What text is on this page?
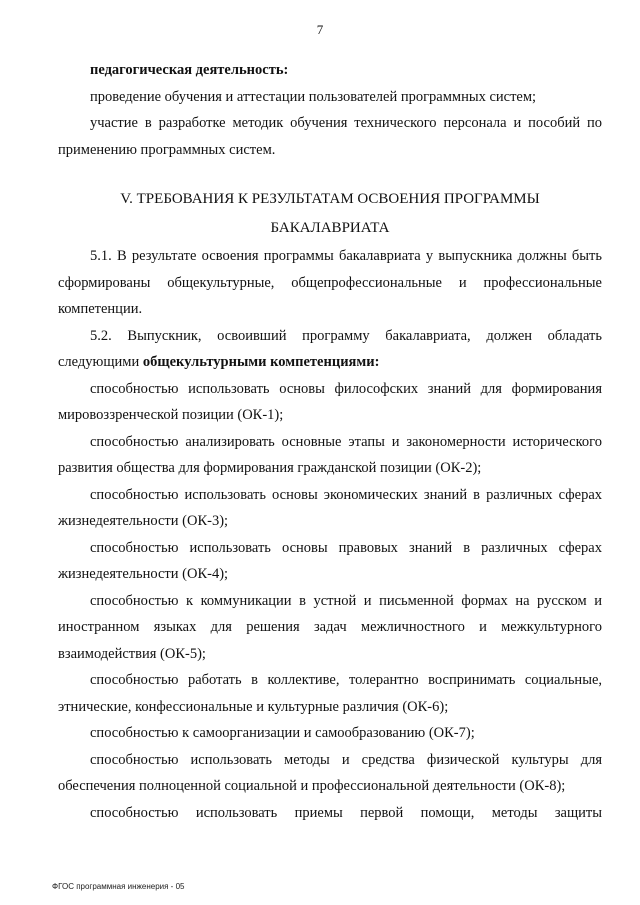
7

педагогическая деятельность:

проведение обучения и аттестации пользователей программных систем;

участие в разработке методик обучения технического персонала и пособий по применению программных систем.

V. ТРЕБОВАНИЯ К РЕЗУЛЬТАТАМ ОСВОЕНИЯ ПРОГРАММЫ
БАКАЛАВРИАТА

5.1. В результате освоения программы бакалавриата у выпускника должны быть сформированы общекультурные, общепрофессиональные и профессиональные компетенции.

5.2. Выпускник, освоивший программу бакалавриата, должен обладать следующими общекультурными компетенциями:

способностью использовать основы философских знаний для формирования мировоззренческой позиции (ОК-1);

способностью анализировать основные этапы и закономерности исторического развития общества для формирования гражданской позиции (ОК-2);

способностью использовать основы экономических знаний в различных сферах жизнедеятельности (ОК-3);

способностью использовать основы правовых знаний в различных сферах жизнедеятельности (ОК-4);

способностью к коммуникации в устной и письменной формах на русском и иностранном языках для решения задач межличностного и межкультурного взаимодействия (ОК-5);

способностью работать в коллективе, толерантно воспринимать социальные, этнические, конфессиональные и культурные различия (ОК-6);

способностью к самоорганизации и самообразованию (ОК-7);

способностью использовать методы и средства физической культуры для обеспечения полноценной социальной и профессиональной деятельности (ОК-8);

способностью использовать приемы первой помощи, методы защиты

ФГОС программная инженерия - 05
